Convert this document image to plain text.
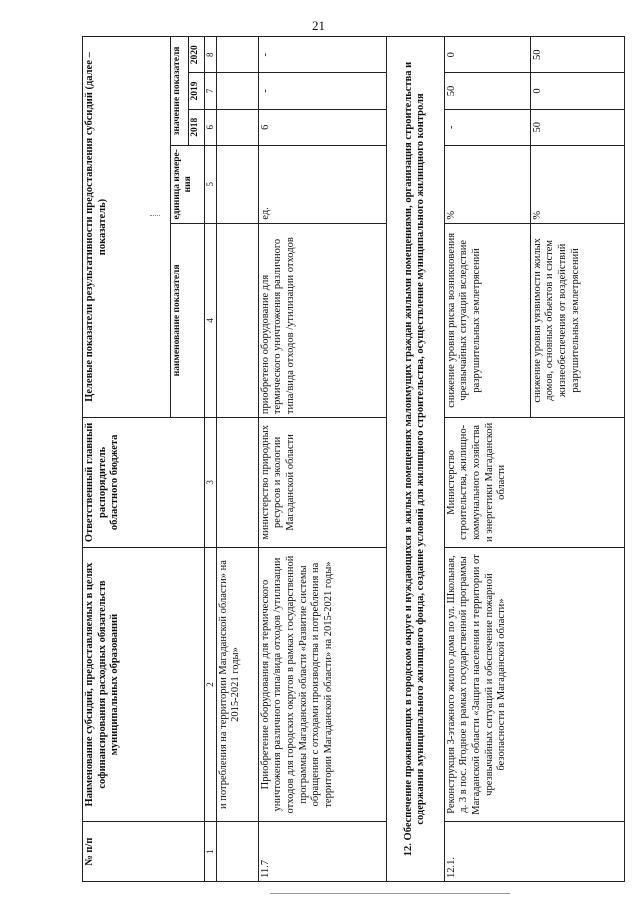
21
№ п/п	Наименование субсидий, предоставляемых в целях софинансирования расходных обязательств муниципальных образований	Ответственный главный распорядитель областного бюджета	Целевые показатели результативности предоставления субсидий (далее – показатель)				
			наименование показателя	единица измере-ния	значение показателя		
					2018	2019	2020
1	2	3	4	5	6	7	8
	и потребления на территории Магаданской области» на 2015-2021 годы»						
11.7	Приобретение оборудования для термического уничтожения различного типа/вида отходов /утилизации отходов для городских округов в рамках государственной программы Магаданской области «Развитие системы обращения с отходами производства и потребления на территории Магаданской области» на 2015-2021 годы»	министерство природных ресурсов и экологии Магаданской области	приобретено оборудование для термического уничтожения различного типа/вида отходов /утилизации отходов	ед.	6	-	-
12. Обеспечение проживающих в городском округе и нуждающихся в жилых помещениях малоимущих граждан жилыми помещениями, организация строительства и содержания муниципального жилищного фонда, создание условий для жилищного строительства, осуществление муниципального жилищного контроля							
12.1.	Реконструкция 3-этажного жилого дома по ул. Школьная, д. 3 в пос. Ягодное в рамках государственной программы Магаданской области «Защита населения и территории от чрезвычайных ситуаций и обеспечение пожарной безопасности в Магаданской области»	Министерство строительства, жилищно-коммунального хозяйства и энергетики Магаданской области	снижение уровня риска возникновения чрезвычайных ситуаций вследствие разрушительных землетрясений	%	-	50	0
			снижение уровня уязвимости жилых домов, основных объектов и систем жизнеобеспечения от воздействий разрушительных землетрясений	%	50	0	50
